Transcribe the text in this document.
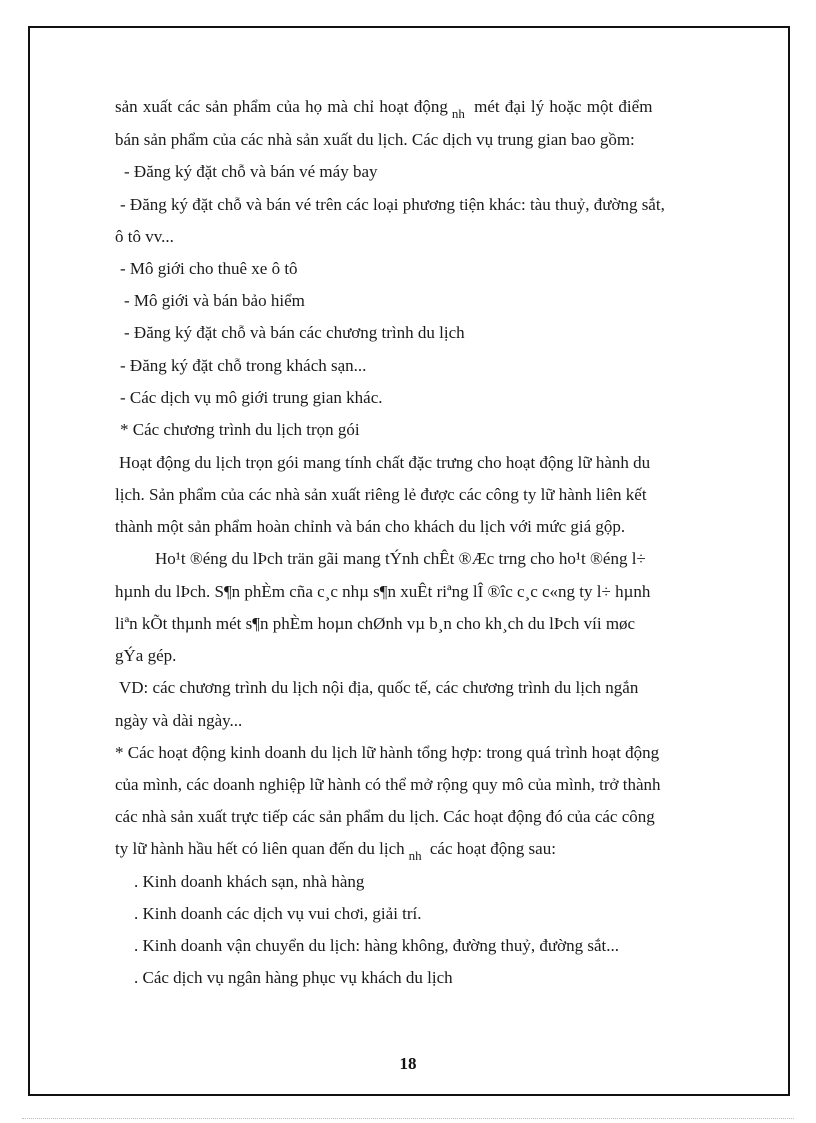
sản xuất các sản phẩm của họ mà chỉ hoạt động $_{nh}$ mét đại lý hoặc một điểm
bán sản phẩm của các nhà sản xuất du lịch. Các dịch vụ trung gian bao gồm:
- Đăng ký đặt chỗ và bán vé máy bay
- Đăng ký đặt chỗ và bán vé trên các loại phương tiện khác: tàu thuỷ, đường sắt,
ô tô vv...
- Mô giới cho thuê xe ô tô
- Mô giới và bán bảo hiểm
- Đăng ký đặt chỗ và bán các chương trình du lịch
- Đăng ký đặt chỗ trong khách sạn...
- Các dịch vụ mô giới trung gian khác.
* Các chương trình du lịch trọn gói
Hoạt động du lịch trọn gói mang tính chất đặc trưng cho hoạt động lữ hành du
lịch. Sản phẩm của các nhà sản xuất riêng lẻ được các công ty lữ hành liên kết
thành một sản phẩm hoàn chỉnh và bán cho khách du lịch với mức giá gộp.
Ho¹t ®éng du lÞch trän gãi mang tÝnh chÊt ®Æc trng cho ho¹t ®éng l÷
hµnh du lÞch. S¶n phÈm cña c¸c nhµ s¶n xuÊt riªng lÎ ®îc c¸c c«ng ty l÷ hµnh
liªn kÕt thµnh mét s¶n phÈm hoµn chØnh vµ b¸n cho kh¸ch du lÞch víi møc
gÝa gép.
VD: các chương trình du lịch nội địa, quốc tế, các chương trình du lịch ngắn
ngày và dài ngày...
* Các hoạt động kinh doanh du lịch lữ hành tổng hợp: trong quá trình hoạt động
của mình, các doanh nghiệp lữ hành có thể mở rộng quy mô của mình, trở thành
các nhà sản xuất trực tiếp các sản phẩm du lịch. Các hoạt động đó của các công
ty lữ hành hầu hết có liên quan đến du lịch $_{nh}$ các hoạt động sau:
. Kinh doanh khách sạn, nhà hàng
. Kinh doanh các dịch vụ vui chơi, giải trí.
. Kinh doanh vận chuyển du lịch: hàng không, đường thuỷ, đường sắt...
. Các dịch vụ ngân hàng phục vụ khách du lịch
18
